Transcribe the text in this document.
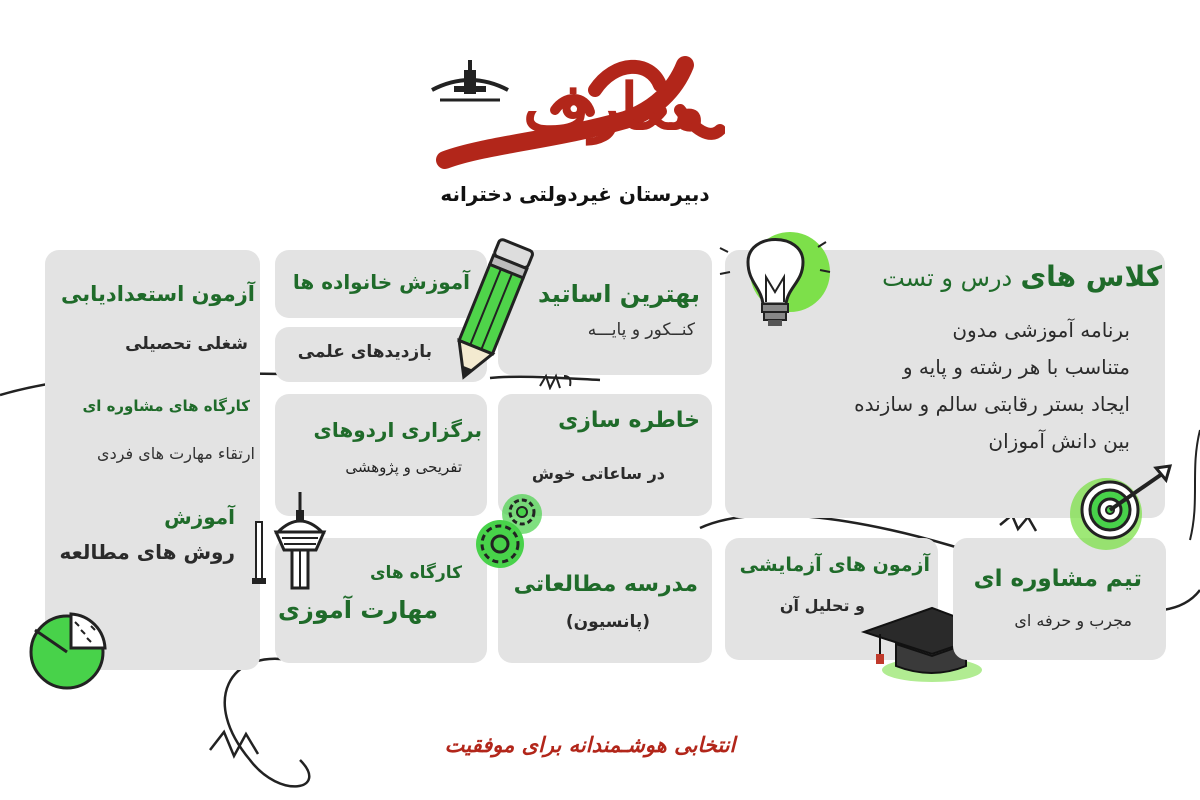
معارف
دبیرستان غیردولتی دخترانه
کلاس های درس و تست
برنامه آموزشی مدون
متناسب با هر رشته و پایه و
ایجاد بستر رقابتی سالم و سازنده
بین دانش آموزان
بهترین اساتید
کنــکور و پایـــه
آموزش خانواده ها
بازدیدهای علمی
برگزاری اردوهای
تفریحی و پژوهشی
خاطره سازی
در ساعاتی خوش
آزمون استعدادیابی
شغلی تحصیلی
کارگاه های مشاوره ای
ارتقاء مهارت های فردی
آموزش
روش های مطالعه
کارگاه های
مهارت آموزی
مدرسه مطالعاتی
(پانسیون)
آزمون های آزمایشی
و تحلیل آن
تیم مشاوره ای
مجرب و حرفه ای
انتخابی هوشـمندانه برای موفقیت
